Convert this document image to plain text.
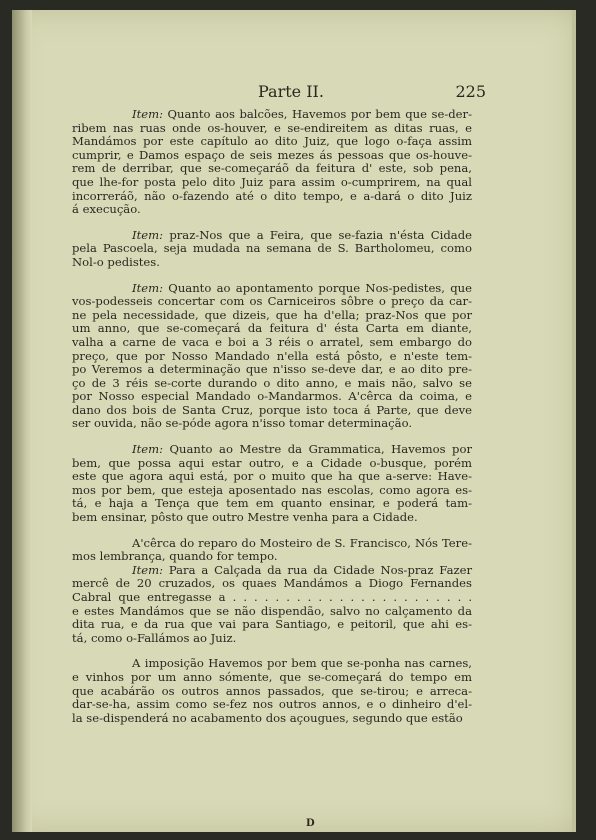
Parte II.	225
Item: Quanto aos balcões, Havemos por bem que se-der-
ribem nas ruas onde os-houver, e se-endireitem as ditas ruas, e
Mandámos por este capítulo ao dito Juiz, que logo o-faça assim
cumprir, e Damos espaço de seis mezes ás pessoas que os-houve-
rem de derribar, que se-começaráõ da feitura d' este, sob pena,
que lhe-for posta pelo dito Juiz para assim o-cumprirem, na qual
incorreráõ, não o-fazendo até o dito tempo, e a-dará o dito Juiz
á execução.
Item: praz-Nos que a Feira, que se-fazia n'ésta Cidade
pela Pascoela, seja mudada na semana de S. Bartholomeu, como
Nol-o pedistes.
Item: Quanto ao apontamento porque Nos-pedistes, que
vos-podesseis concertar com os Carniceiros sôbre o preço da car-
ne pela necessidade, que dizeis, que ha d'ella; praz-Nos que por
um anno, que se-começará da feitura d' ésta Carta em diante,
valha a carne de vaca e boi a 3 réis o arratel, sem embargo do
preço, que por Nosso Mandado n'ella está pôsto, e n'este tem-
po Veremos a determinação que n'isso se-deve dar, e ao dito pre-
ço de 3 réis se-corte durando o dito anno, e mais não, salvo se
por Nosso especial Mandado o-Mandarmos. A'cêrca da coima, e
dano dos bois de Santa Cruz, porque isto toca á Parte, que deve
ser ouvida, não se-póde agora n'isso tomar determinação.
Item: Quanto ao Mestre da Grammatica, Havemos por
bem, que possa aqui estar outro, e a Cidade o-busque, porém
este que agora aqui está, por o muito que ha que a-serve: Have-
mos por bem, que esteja aposentado nas escolas, como agora es-
tá, e haja a Tença que tem em quanto ensinar, e poderá tam-
bem ensinar, pôsto que outro Mestre venha para a Cidade.
A'cêrca do reparo do Mosteiro de S. Francisco, Nós Tere-
mos lembrança, quando for tempo.
Item: Para a Calçada da rua da Cidade Nos-praz Fazer
mercê de 20 cruzados, os quaes Mandámos a Diogo Fernandes
Cabral que entregasse a . . . . . . . . . . . . . . . . . . . . . . .
e estes Mandámos que se não dispendão, salvo no calçamento da
dita rua, e da rua que vai para Santiago, e peitoril, que ahi es-
tá, como o-Fallámos ao Juiz.
A imposição Havemos por bem que se-ponha nas carnes,
e vinhos por um anno sómente, que se-começará do tempo em
que acabárão os outros annos passados, que se-tirou; e arreca-
dar-se-ha, assim como se-fez nos outros annos, e o dinheiro d'el-
la se-dispenderá no acabamento dos açougues, segundo que estão
D
